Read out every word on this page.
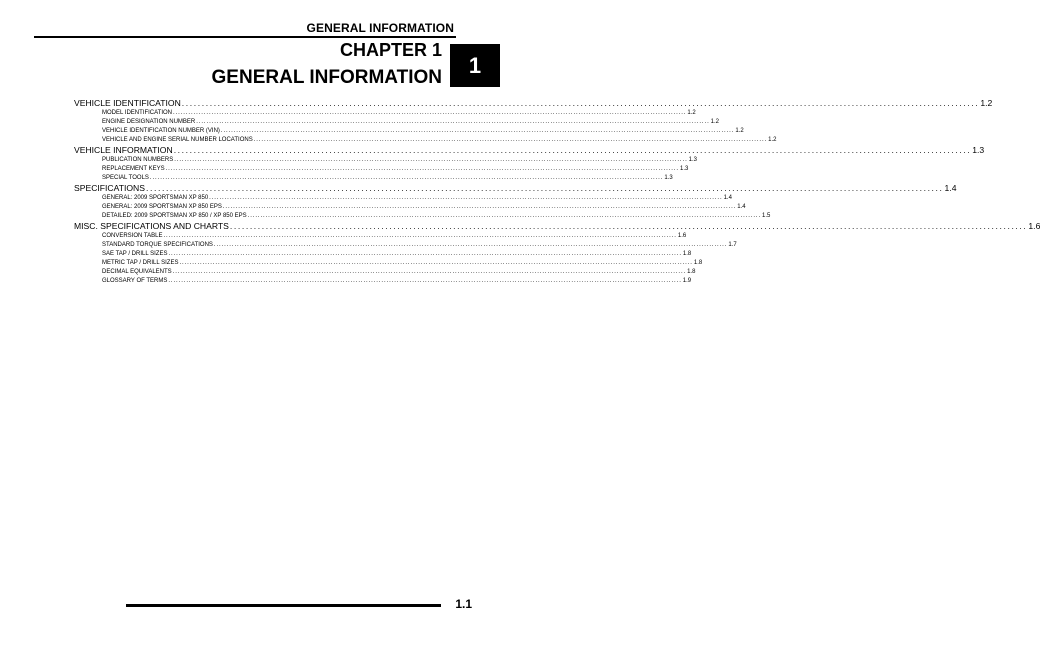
GENERAL INFORMATION
CHAPTER 1
GENERAL INFORMATION	1
VEHICLE IDENTIFICATION ........................................................................................................................................................................................................ 1.2
MODEL IDENTIFICATION ........................................................................................................................................................................................................ 1.2
ENGINE DESIGNATION NUMBER ........................................................................................................................................................................................................ 1.2
VEHICLE IDENTIFICATION NUMBER (VIN) ........................................................................................................................................................................................................ 1.2
VEHICLE AND ENGINE SERIAL NUMBER LOCATIONS ........................................................................................................................................................................................................ 1.2
VEHICLE INFORMATION ........................................................................................................................................................................................................ 1.3
PUBLICATION NUMBERS ........................................................................................................................................................................................................ 1.3
REPLACEMENT KEYS ........................................................................................................................................................................................................ 1.3
SPECIAL TOOLS ........................................................................................................................................................................................................ 1.3
SPECIFICATIONS ........................................................................................................................................................................................................ 1.4
GENERAL: 2009 SPORTSMAN XP 850 ........................................................................................................................................................................................................ 1.4
GENERAL: 2009 SPORTSMAN XP 850 EPS ........................................................................................................................................................................................................ 1.4
DETAILED: 2009 SPORTSMAN XP 850 / XP 850 EPS ........................................................................................................................................................................................................ 1.5
MISC. SPECIFICATIONS AND CHARTS ........................................................................................................................................................................................................ 1.6
CONVERSION TABLE ........................................................................................................................................................................................................ 1.6
STANDARD TORQUE SPECIFICATIONS ........................................................................................................................................................................................................ 1.7
SAE TAP / DRILL SIZES ........................................................................................................................................................................................................ 1.8
METRIC TAP / DRILL SIZES ........................................................................................................................................................................................................ 1.8
DECIMAL EQUIVALENTS ........................................................................................................................................................................................................ 1.8
GLOSSARY OF TERMS ........................................................................................................................................................................................................ 1.9
1.1
